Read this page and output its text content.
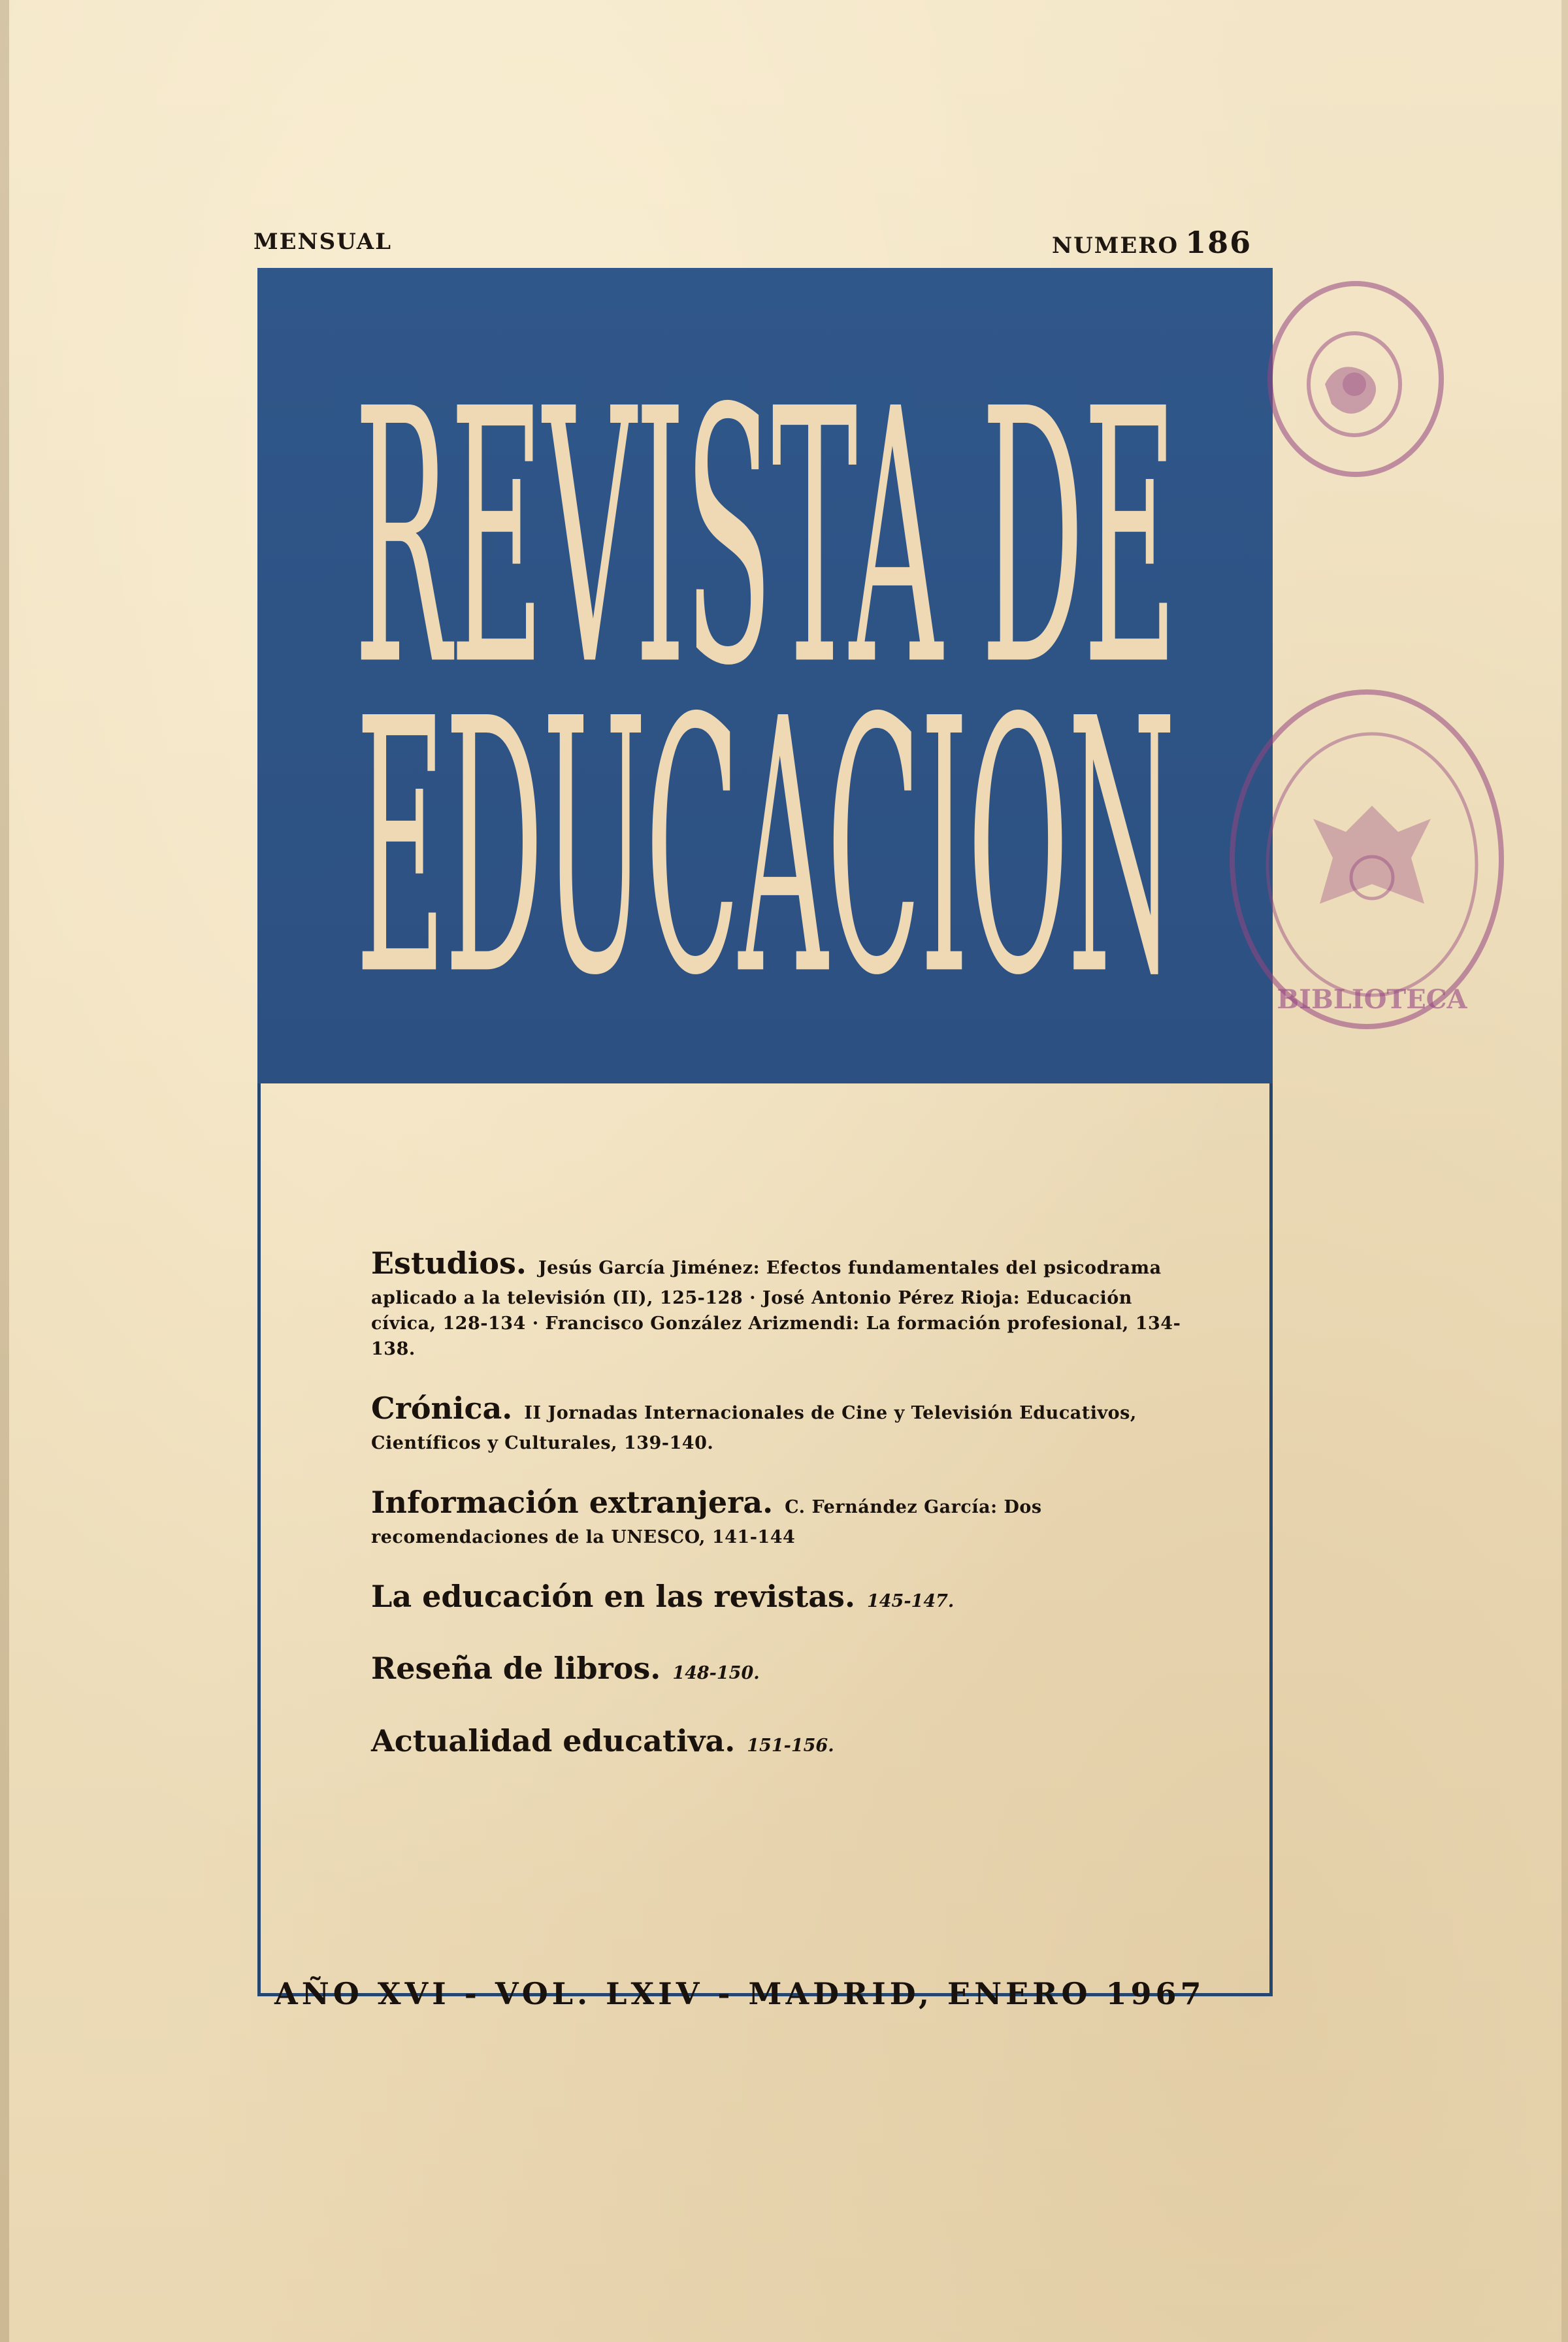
MENSUAL	NUMERO 186
REVISTA DE
EDUCACION
Estudios. Jesús García Jiménez: Efectos fundamentales del psicodrama aplicado a la televisión (II), 125-128 · José Antonio Pérez Rioja: Educación cívica, 128-134 · Francisco González Arizmendi: La formación profesional, 134-138.
Crónica. II Jornadas Internacionales de Cine y Televisión Educativos, Científicos y Culturales, 139-140.
Información extranjera. C. Fernández García: Dos recomendaciones de la UNESCO, 141-144
La educación en las revistas. 145-147.
Reseña de libros. 148-150.
Actualidad educativa. 151-156.
AÑO XVI - VOL. LXIV - MADRID, ENERO 1967
BIBLIOTECA
